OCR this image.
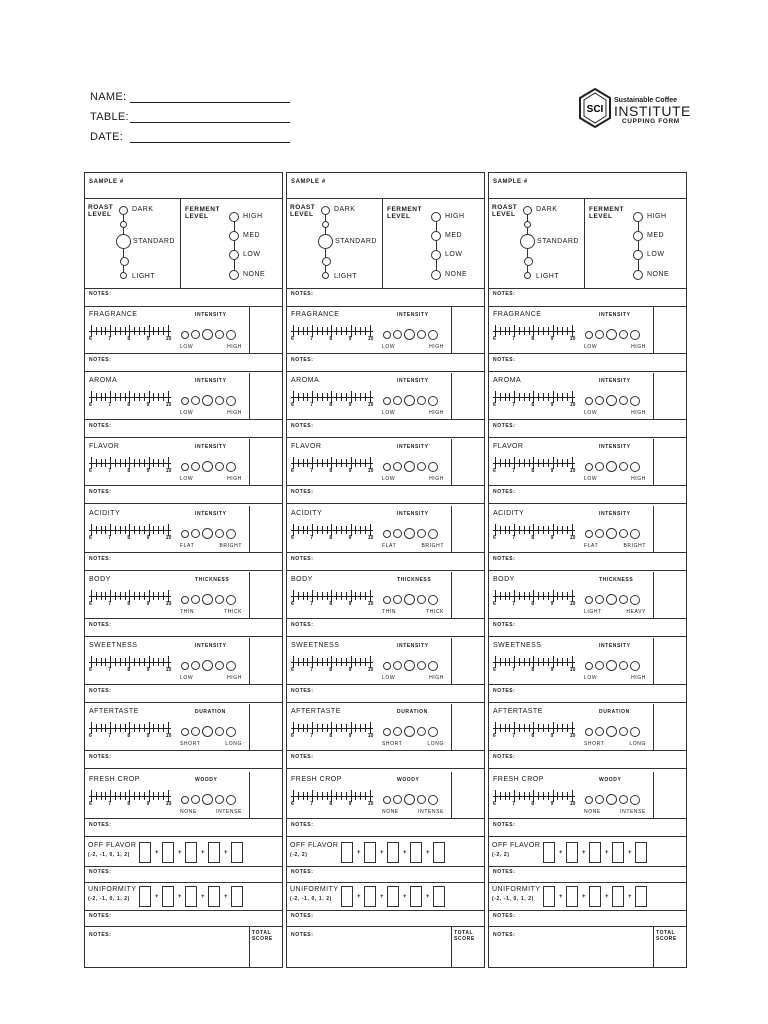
NAME:
TABLE:
DATE:
SCI
Sustainable Coffee
INSTITUTE
CUPPING FORM
SAMPLE #
ROAST LEVEL
DARK
STANDARD
LIGHT
FERMENT LEVEL	HIGH
MED
LOW
NONE
NOTES:
FRAGRANCE	INTENSITY
6	7	8	9	10
LOW	HIGH
NOTES:
AROMA	INTENSITY
6	7	8	9	10
LOW	HIGH
NOTES:
FLAVOR	INTENSITY
6	7	8	9	10
LOW	HIGH
NOTES:
ACIDITY	INTENSITY
6	7	8	9	10
FLAT	BRIGHT
NOTES:
BODY	THICKNESS
6	7	8	9	10
THIN	THICK
NOTES:
SWEETNESS	INTENSITY
6	7	8	9	10
LOW	HIGH
NOTES:
AFTERTASTE	DURATION
6	7	8	9	10
SHORT	LONG
NOTES:
FRESH CROP	WOODY
6	7	8	9	10
NONE	INTENSE
NOTES:
OFF FLAVOR
(-2, -1, 0, 1, 2)	+	+	+	+
NOTES:
UNIFORMITY
(-2, -1, 0, 1, 2)	+	+	+	+
NOTES:
NOTES:	TOTAL SCORE
SAMPLE #
ROAST LEVEL
DARK
STANDARD
LIGHT
FERMENT LEVEL	HIGH
MED
LOW
NONE
NOTES:
FRAGRANCE	INTENSITY
6	7	8	9	10
LOW	HIGH
NOTES:
AROMA	INTENSITY
6	7	8	9	10
LOW	HIGH
NOTES:
FLAVOR	INTENSITY
6	7	8	9	10
LOW	HIGH
NOTES:
ACIDITY	INTENSITY
6	7	8	9	10
FLAT	BRIGHT
NOTES:
BODY	THICKNESS
6	7	8	9	10
THIN	THICK
NOTES:
SWEETNESS	INTENSITY
6	7	8	9	10
LOW	HIGH
NOTES:
AFTERTASTE	DURATION
6	7	8	9	10
SHORT	LONG
NOTES:
FRESH CROP	WOODY
6	7	8	9	10
NONE	INTENSE
NOTES:
OFF FLAVOR
(-2, 2)	+	+	+	+
NOTES:
UNIFORMITY
(-2, -1, 0, 1, 2)	+	+	+	+
NOTES:
NOTES:	TOTAL SCORE
SAMPLE #
ROAST LEVEL
DARK
STANDARD
LIGHT
FERMENT LEVEL	HIGH
MED
LOW
NONE
NOTES:
FRAGRANCE	INTENSITY
6	7	8	9	10
LOW	HIGH
NOTES:
AROMA	INTENSITY
6	7	8	9	10
LOW	HIGH
NOTES:
FLAVOR	INTENSITY
6	7	8	9	10
LOW	HIGH
NOTES:
ACIDITY	INTENSITY
6	7	8	9	10
FLAT	BRIGHT
NOTES:
BODY	THICKNESS
6	7	8	9	10
LIGHT	HEAVY
NOTES:
SWEETNESS	INTENSITY
6	7	8	9	10
LOW	HIGH
NOTES:
AFTERTASTE	DURATION
6	7	8	9	10
SHORT	LONG
NOTES:
FRESH CROP	WOODY
6	7	8	9	10
NONE	INTENSE
NOTES:
OFF FLAVOR
(-2, 2)	+	+	+	+
NOTES:
UNIFORMITY
(-2, -1, 0, 1, 2)	+	+	+	+
NOTES:
NOTES:	TOTAL SCORE
